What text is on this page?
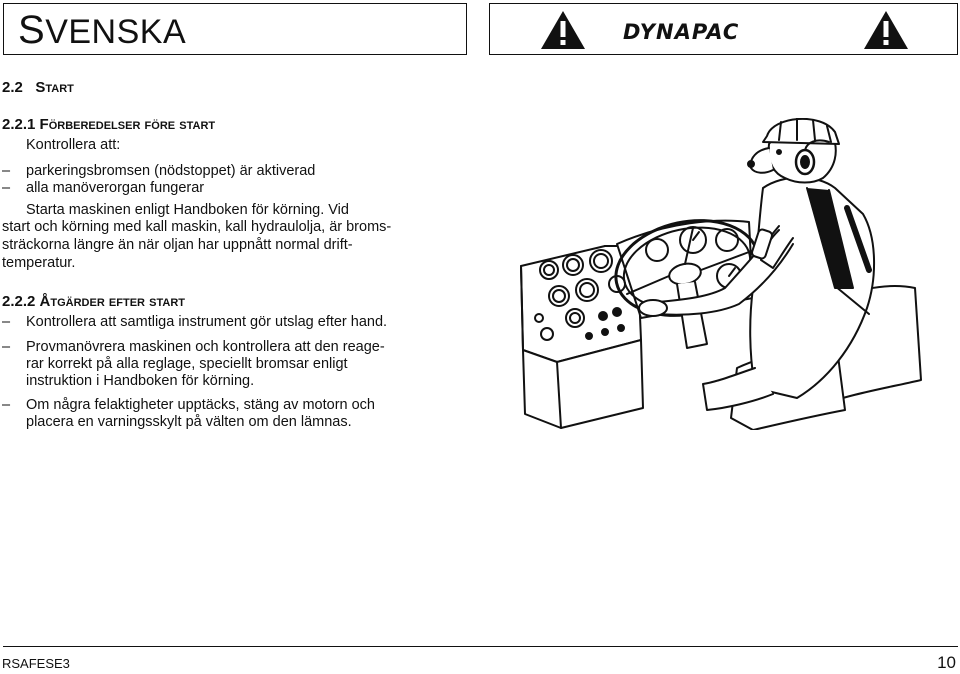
SVENSKA	DYNAPAC
2.2 Start
2.2.1 Förberedelser före start
Kontrollera att:
– parkeringsbromsen (nödstoppet) är aktiverad
– alla manöverorgan fungerar
Starta maskinen enligt Handboken för körning. Vid
start och körning med kall maskin, kall hydraulolja, är broms-
sträckorna längre än när oljan har uppnått normal drift-
temperatur.
2.2.2 Åtgärder efter start
– Kontrollera att samtliga instrument gör utslag efter hand.
– Provmanövrera maskinen och kontrollera att den reage-
rar korrekt på alla reglage, speciellt bromsar enligt
instruktion i Handboken för körning.
– Om några felaktigheter upptäcks, stäng av motorn och
placera en varningsskylt på välten om den lämnas.
RSAFESE3	10
